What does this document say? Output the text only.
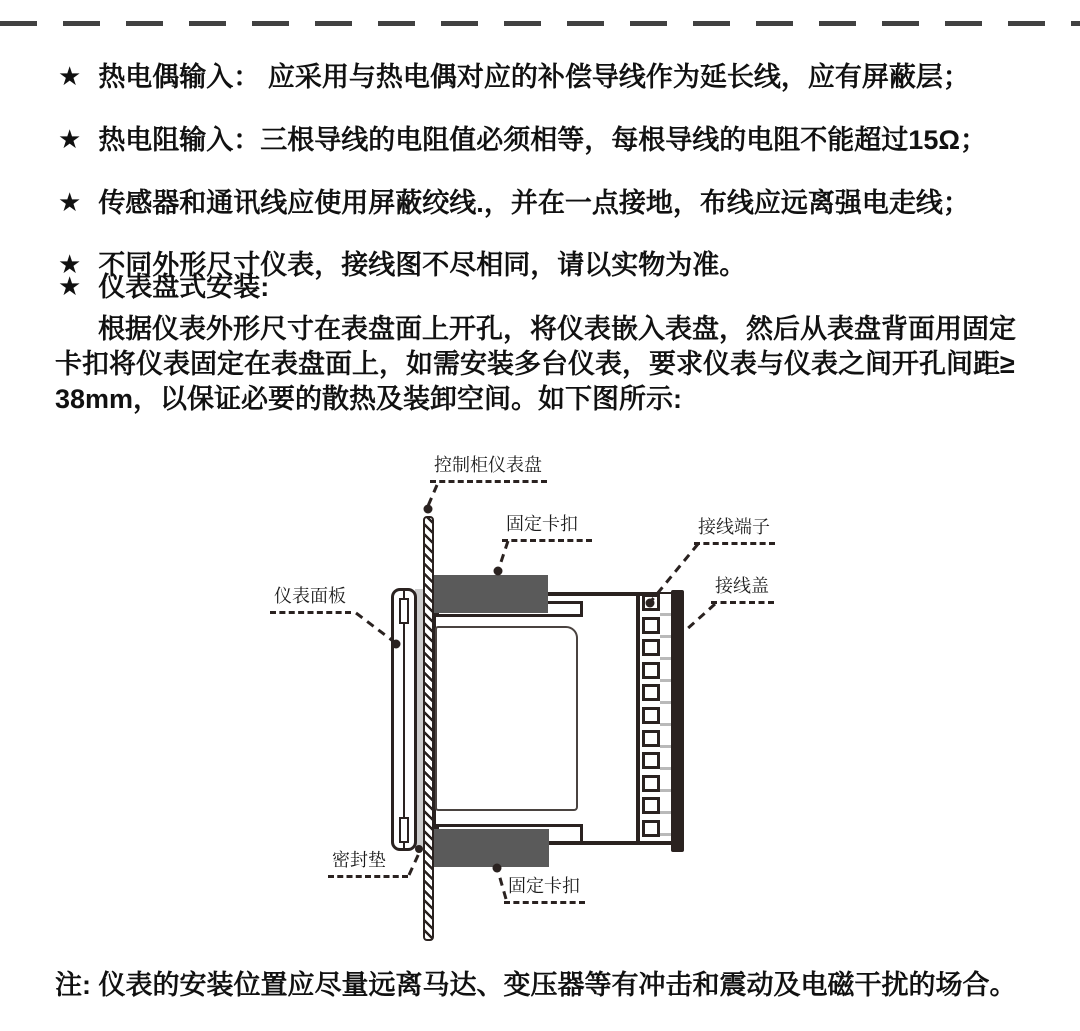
★ 热电偶输入： 应采用与热电偶对应的补偿导线作为延长线，应有屏蔽层；
★ 热电阻输入：三根导线的电阻值必须相等，每根导线的电阻不能超过15Ω；
★ 传感器和通讯线应使用屏蔽绞线.，并在一点接地，布线应远离强电走线；
★ 不同外形尺寸仪表，接线图不尽相同，请以实物为准。
★ 仪表盘式安装:
根据仪表外形尺寸在表盘面上开孔，将仪表嵌入表盘，然后从表盘背面用固定
卡扣将仪表固定在表盘面上，如需安装多台仪表，要求仪表与仪表之间开孔间距≥
38mm，以保证必要的散热及装卸空间。如下图所示:
控制柜仪表盘
固定卡扣	接线端子
接线盖
仪表面板
密封垫
固定卡扣
注: 仪表的安装位置应尽量远离马达、变压器等有冲击和震动及电磁干扰的场合。
